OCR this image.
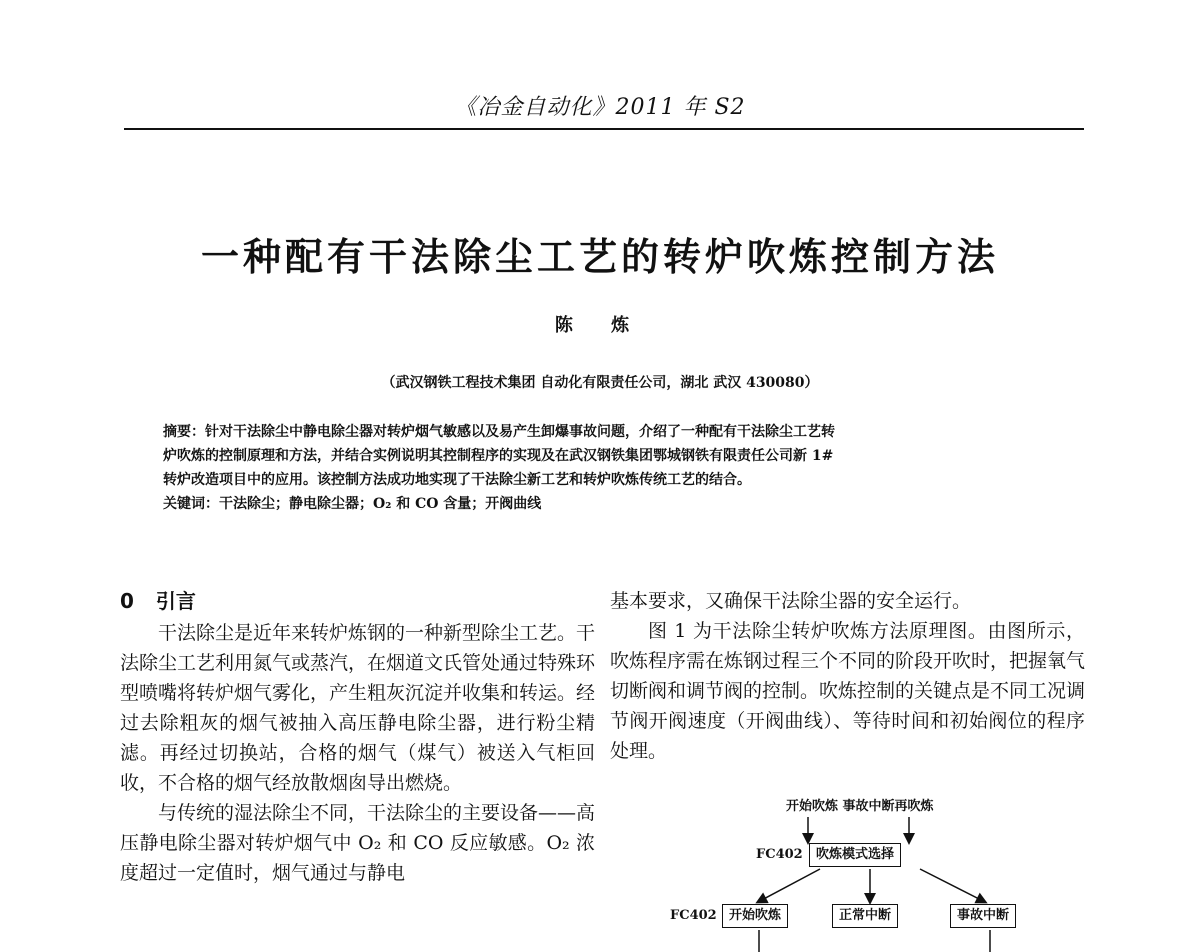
《冶金自动化》2011 年 S2
一种配有干法除尘工艺的转炉吹炼控制方法
陈 炼
（武汉钢铁工程技术集团 自动化有限责任公司，湖北 武汉 430080）

摘要：针对干法除尘中静电除尘器对转炉烟气敏感以及易产生卸爆事故问题，介绍了一种配有干法除尘工艺转

炉吹炼的控制原理和方法，并结合实例说明其控制程序的实现及在武汉钢铁集团鄂城钢铁有限责任公司新 1#

转炉改造项目中的应用。该控制方法成功地实现了干法除尘新工艺和转炉吹炼传统工艺的结合。

关键词：干法除尘；静电除尘器；O₂ 和 CO 含量；开阀曲线

0 引言

干法除尘是近年来转炉炼钢的一种新型除尘工艺。干法除尘工艺利用氮气或蒸汽，在烟道文氏管处通过特殊环型喷嘴将转炉烟气雾化，产生粗灰沉淀并收集和转运。经过去除粗灰的烟气被抽入高压静电除尘器，进行粉尘精滤。再经过切换站，合格的烟气（煤气）被送入气柜回收，不合格的烟气经放散烟囱导出燃烧。

与传统的湿法除尘不同，干法除尘的主要设备——高压静电除尘器对转炉烟气中 O₂ 和 CO 反应敏感。O₂ 浓度超过一定值时，烟气通过与静电

基本要求，又确保干法除尘器的安全运行。

图 1 为干法除尘转炉吹炼方法原理图。由图所示，吹炼程序需在炼钢过程三个不同的阶段开吹时，把握氧气切断阀和调节阀的控制。吹炼控制的关键点是不同工况调节阀开阀速度（开阀曲线）、等待时间和初始阀位的程序处理。

开始吹炼 事故中断再吹炼
FC402	吹炼模式选择
FC402 开始吹炼	正常中断	事故中断
